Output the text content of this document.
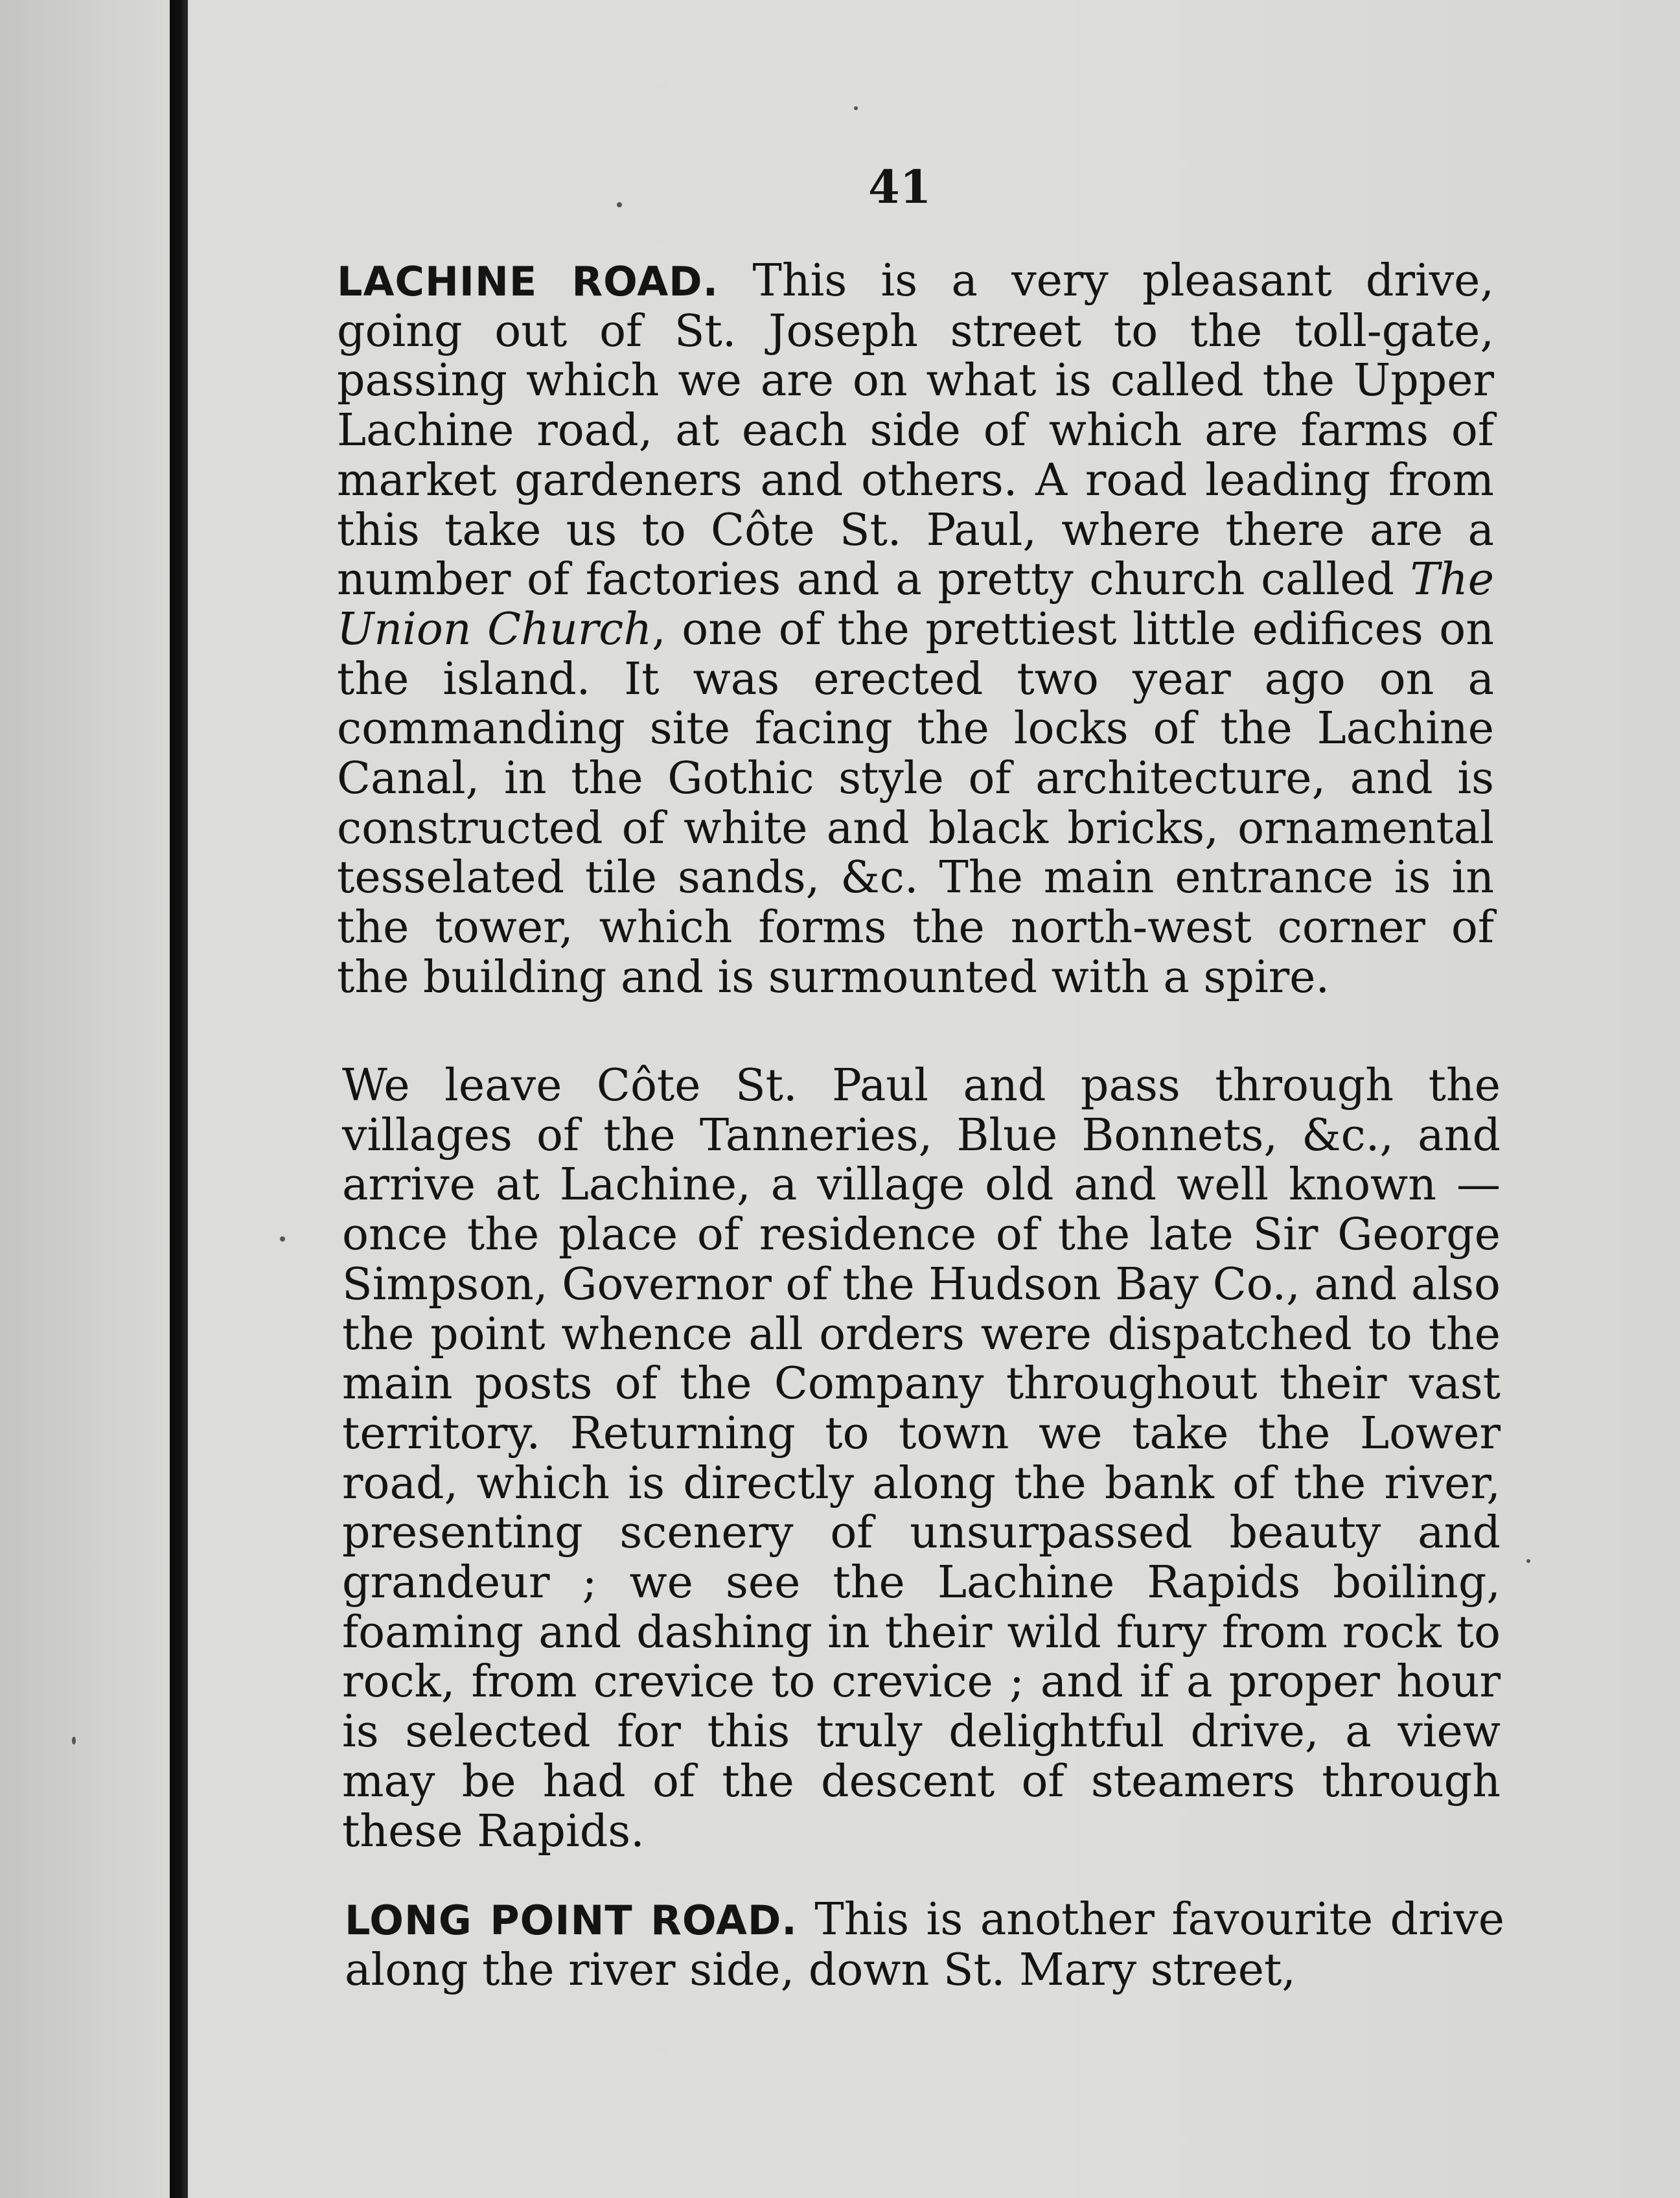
41
LACHINE ROAD. This is a very pleasant drive, going out of St. Joseph street to the toll-gate, passing which we are on what is called the Upper Lachine road, at each side of which are farms of market gardeners and others. A road leading from this take us to Côte St. Paul, where there are a number of factories and a pretty church called The Union Church, one of the prettiest little edifices on the island. It was erected two year ago on a commanding site facing the locks of the Lachine Canal, in the Gothic style of architecture, and is constructed of white and black bricks, ornamental tesselated tile sands, &c. The main entrance is in the tower, which forms the north-west corner of the building and is surmounted with a spire.
We leave Côte St. Paul and pass through the villages of the Tanneries, Blue Bonnets, &c., and arrive at Lachine, a village old and well known —once the place of residence of the late Sir George Simpson, Governor of the Hudson Bay Co., and also the point whence all orders were dispatched to the main posts of the Company throughout their vast territory. Returning to town we take the Lower road, which is directly along the bank of the river, presenting scenery of unsurpassed beauty and grandeur ; we see the Lachine Rapids boiling, foaming and dashing in their wild fury from rock to rock, from crevice to crevice ; and if a proper hour is selected for this truly delightful drive, a view may be had of the descent of steamers through these Rapids.
LONG POINT ROAD. This is another favourite drive along the river side, down St. Mary street,
